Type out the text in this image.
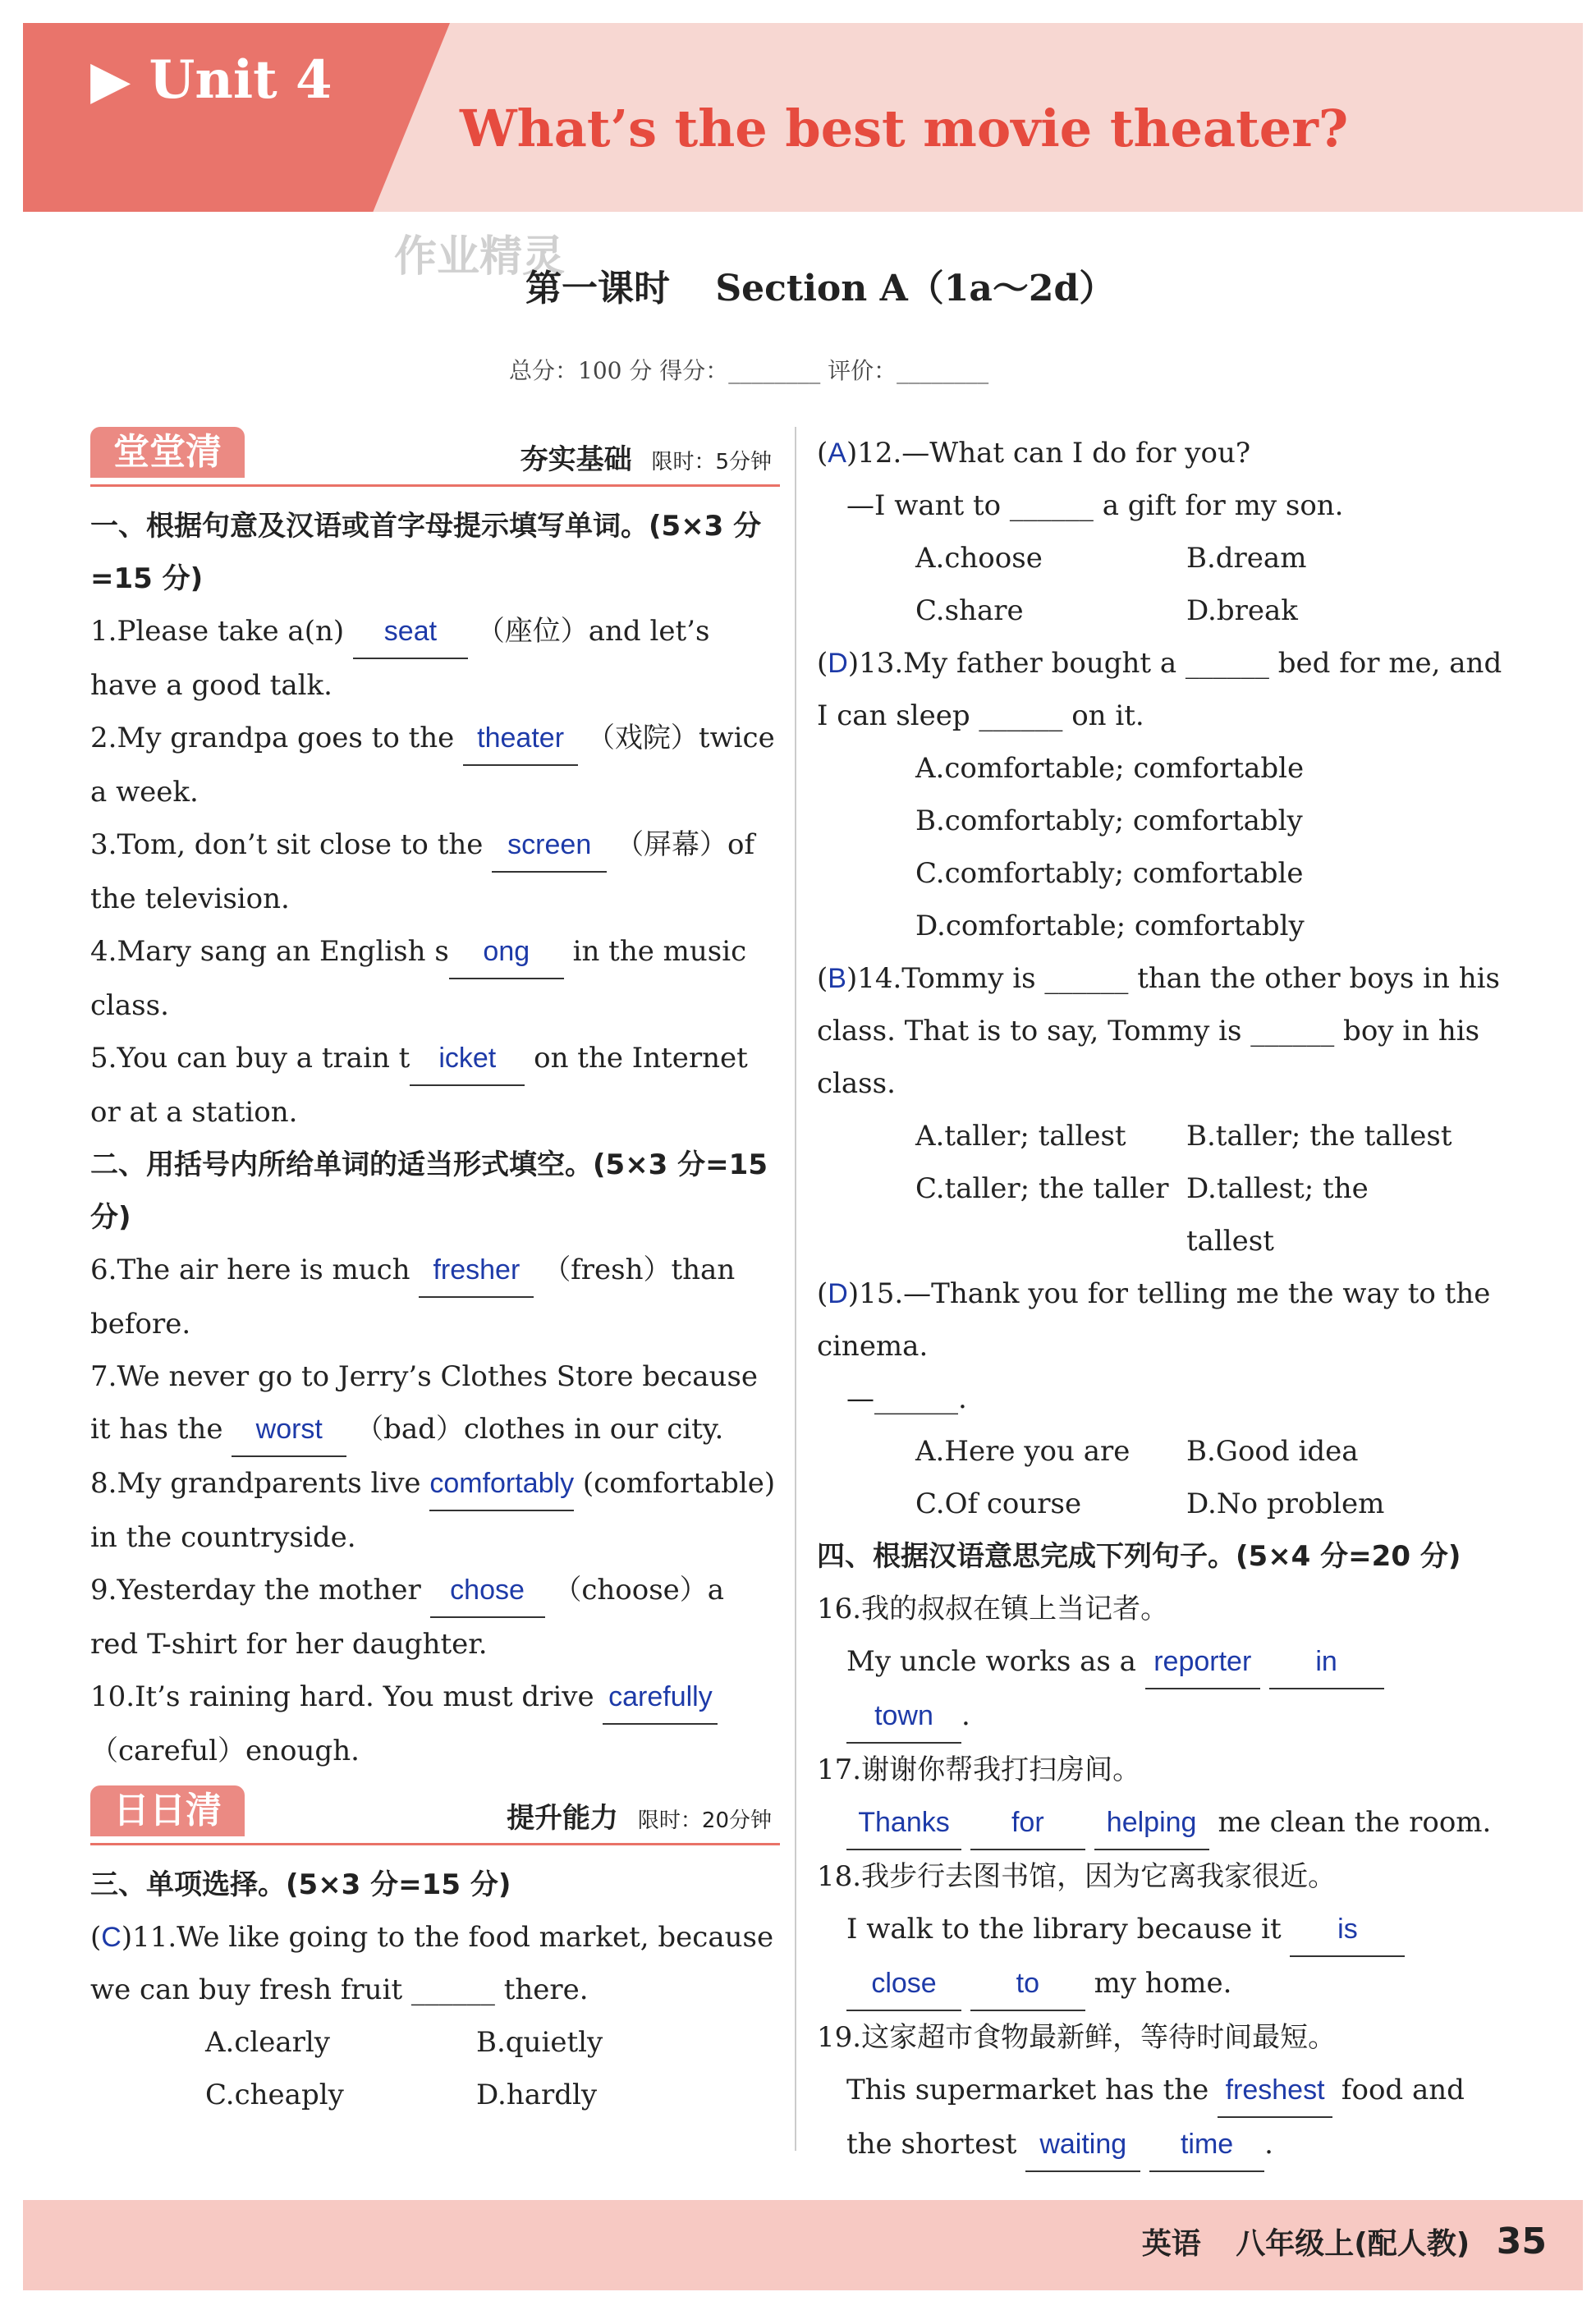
▶ Unit 4
What’s the best movie theater?
作业精灵
第一课时 Section A（1a～2d）
总分：100 分 得分：________ 评价：________
堂堂清	夯实基础 限时：5分钟

一、根据句意及汉语或首字母提示填写单词。(5×3 分=15 分)

1.Please take a(n) seat （座位）and let’s have a good talk.

2.My grandpa goes to the theater （戏院）twice a week.

3.Tom, don’t sit close to the screen （屏幕）of the television.

4.Mary sang an English s ong in the music class.

5.You can buy a train t icket on the Internet or at a station.

二、用括号内所给单词的适当形式填空。(5×3 分=15 分)

6.The air here is much fresher （fresh）than before.

7.We never go to Jerry’s Clothes Store because it has the worst （bad）clothes in our city.

8.My grandparents live comfortably (comfortable) in the countryside.

9.Yesterday the mother chose （choose）a red T-shirt for her daughter.

10.It’s raining hard. You must drive carefully （careful）enough.

日日清	提升能力 限时：20分钟

三、单项选择。(5×3 分=15 分)

(C)11.We like going to the food market, because we can buy fresh fruit ______ there.

A.clearly	B.quietly
C.cheaply	D.hardly

(A)12.—What can I do for you?

—I want to ______ a gift for my son.

A.choose	B.dream
C.share	D.break

(D)13.My father bought a ______ bed for me, and I can sleep ______ on it.

A.comfortable; comfortable

B.comfortably; comfortably

C.comfortably; comfortable

D.comfortable; comfortably

(B)14.Tommy is ______ than the other boys in his class. That is to say, Tommy is ______ boy in his class.

A.taller; tallest	B.taller; the tallest
C.taller; the taller D.tallest; the tallest

(D)15.—Thank you for telling me the way to the cinema.

—______.

A.Here you are	B.Good idea
C.Of course	D.No problem

四、根据汉语意思完成下列句子。(5×4 分=20 分)

16.我的叔叔在镇上当记者。

My uncle works as a reporter in town .

17.谢谢你帮我打扫房间。

Thanks for helping me clean the room.

18.我步行去图书馆，因为它离我家很近。

I walk to the library because it is close	to my home.

19.这家超市食物最新鲜，等待时间最短。

This supermarket has the freshest food and the shortest waiting time .

英语 八年级上(配人教) 35
